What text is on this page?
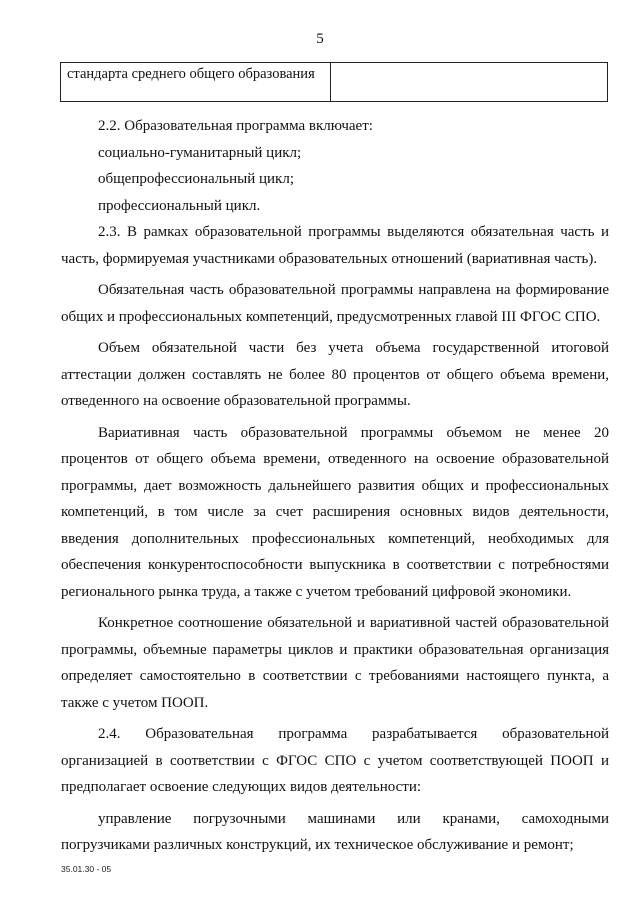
5
стандарта среднего общего образования	

2.2. Образовательная программа включает:

социально-гуманитарный цикл;

общепрофессиональный цикл;

профессиональный цикл.

2.3. В рамках образовательной программы выделяются обязательная часть и часть, формируемая участниками образовательных отношений (вариативная часть).

Обязательная часть образовательной программы направлена на формирование общих и профессиональных компетенций, предусмотренных главой III ФГОС СПО.

Объем обязательной части без учета объема государственной итоговой аттестации должен составлять не более 80 процентов от общего объема времени, отведенного на освоение образовательной программы.

Вариативная часть образовательной программы объемом не менее 20 процентов от общего объема времени, отведенного на освоение образовательной программы, дает возможность дальнейшего развития общих и профессиональных компетенций, в том числе за счет расширения основных видов деятельности, введения дополнительных профессиональных компетенций, необходимых для обеспечения конкурентоспособности выпускника в соответствии с потребностями регионального рынка труда, а также с учетом требований цифровой экономики.

Конкретное соотношение обязательной и вариативной частей образовательной программы, объемные параметры циклов и практики образовательная организация определяет самостоятельно в соответствии с требованиями настоящего пункта, а также с учетом ПООП.

2.4. Образовательная программа разрабатывается образовательной организацией в соответствии с ФГОС СПО с учетом соответствующей ПООП и предполагает освоение следующих видов деятельности:

управление погрузочными машинами или кранами, самоходными погрузчиками различных конструкций, их техническое обслуживание и ремонт;

35.01.30 - 05
